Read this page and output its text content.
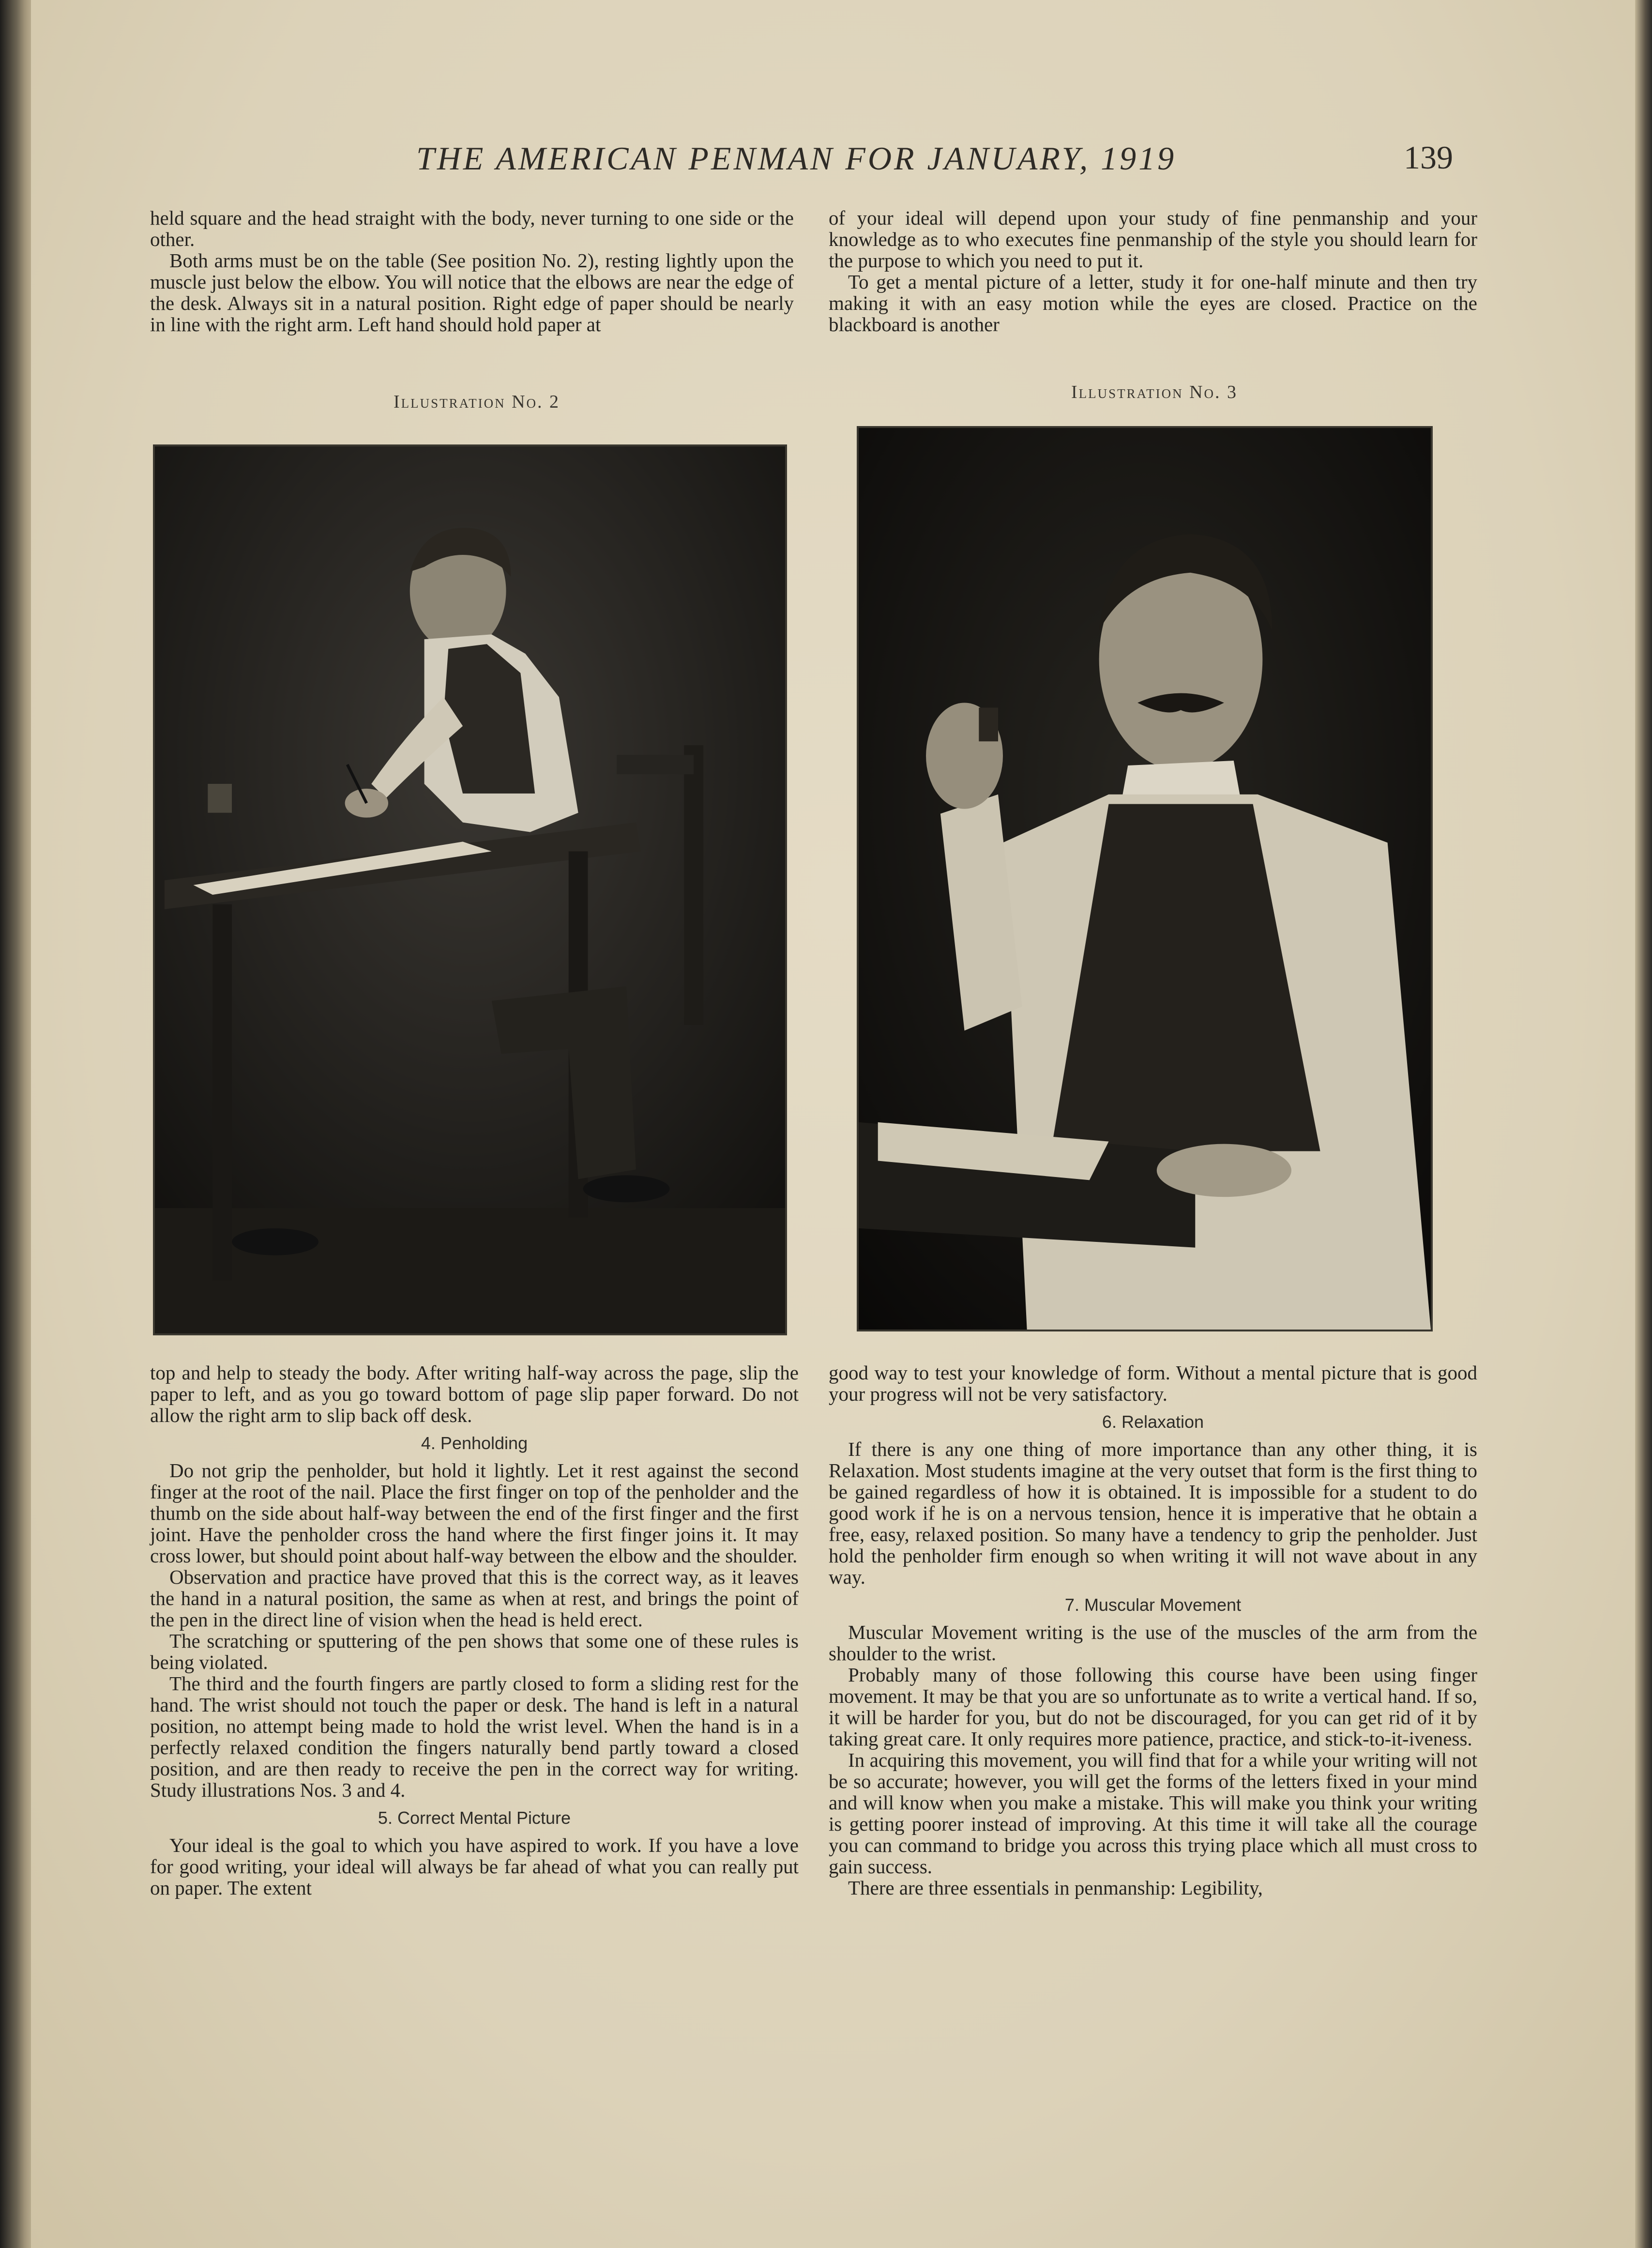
THE AMERICAN PENMAN FOR JANUARY, 1919	139

held square and the head straight with the body, never turning to one side or the other.

Both arms must be on the table (See position No. 2), resting lightly upon the muscle just below the elbow. You will notice that the elbows are near the edge of the desk. Always sit in a natural position. Right edge of paper should be nearly in line with the right arm. Left hand should hold paper at

of your ideal will depend upon your study of fine penmanship and your knowledge as to who executes fine penmanship of the style you should learn for the purpose to which you need to put it.

To get a mental picture of a letter, study it for one-half minute and then try making it with an easy motion while the eyes are closed. Practice on the blackboard is another

Illustration No. 2	Illustration No. 3

top and help to steady the body. After writing half-way across the page, slip the paper to left, and as you go toward bottom of page slip paper forward. Do not allow the right arm to slip back off desk.

4. Penholding

Do not grip the penholder, but hold it lightly. Let it rest against the second finger at the root of the nail. Place the first finger on top of the penholder and the thumb on the side about half-way between the end of the first finger and the first joint. Have the penholder cross the hand where the first finger joins it. It may cross lower, but should point about half-way between the elbow and the shoulder.

Observation and practice have proved that this is the correct way, as it leaves the hand in a natural position, the same as when at rest, and brings the point of the pen in the direct line of vision when the head is held erect.

The scratching or sputtering of the pen shows that some one of these rules is being violated.

The third and the fourth fingers are partly closed to form a sliding rest for the hand. The wrist should not touch the paper or desk. The hand is left in a natural position, no attempt being made to hold the wrist level. When the hand is in a perfectly relaxed condition the fingers naturally bend partly toward a closed position, and are then ready to receive the pen in the correct way for writing. Study illustrations Nos. 3 and 4.

5. Correct Mental Picture

Your ideal is the goal to which you have aspired to work. If you have a love for good writing, your ideal will always be far ahead of what you can really put on paper. The extent

good way to test your knowledge of form. Without a mental picture that is good your progress will not be very satisfactory.

6. Relaxation

If there is any one thing of more importance than any other thing, it is Relaxation. Most students imagine at the very outset that form is the first thing to be gained regardless of how it is obtained. It is impossible for a student to do good work if he is on a nervous tension, hence it is imperative that he obtain a free, easy, relaxed position. So many have a tendency to grip the penholder. Just hold the penholder firm enough so when writing it will not wave about in any way.

7. Muscular Movement

Muscular Movement writing is the use of the muscles of the arm from the shoulder to the wrist.

Probably many of those following this course have been using finger movement. It may be that you are so unfortunate as to write a vertical hand. If so, it will be harder for you, but do not be discouraged, for you can get rid of it by taking great care. It only requires more patience, practice, and stick-to-it-iveness.

In acquiring this movement, you will find that for a while your writing will not be so accurate; however, you will get the forms of the letters fixed in your mind and will know when you make a mistake. This will make you think your writing is getting poorer instead of improving. At this time it will take all the courage you can command to bridge you across this trying place which all must cross to gain success.

There are three essentials in penmanship: Legibility,
